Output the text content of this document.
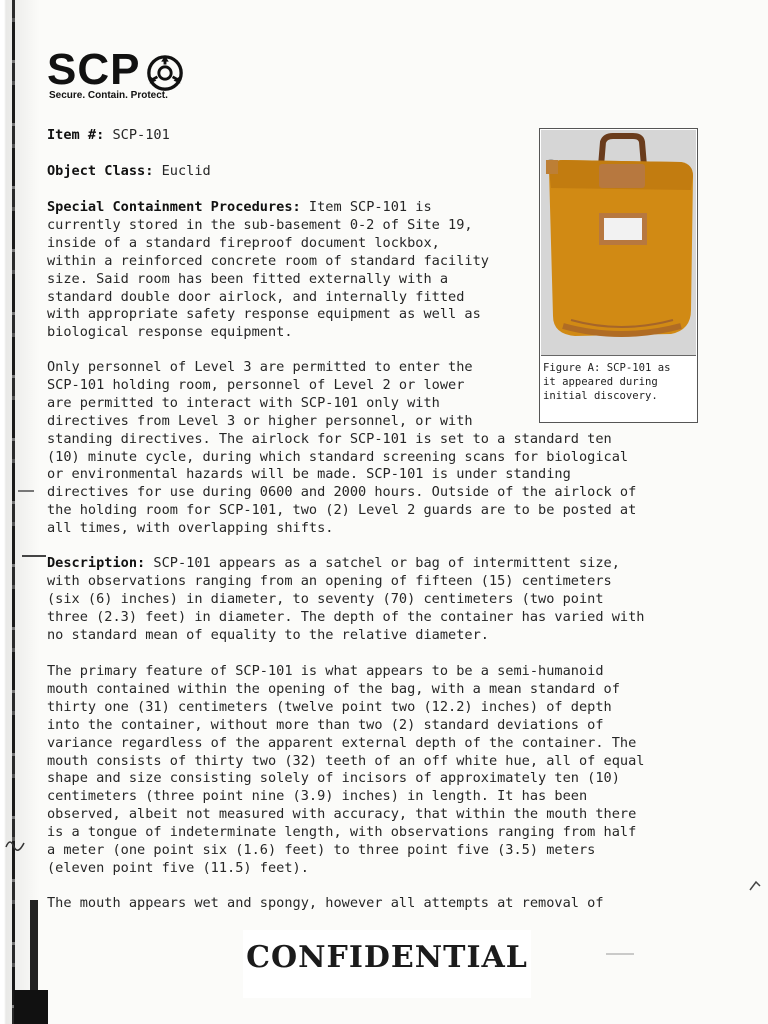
SCP
Secure. Contain. Protect.
Item #: SCP-101
Object Class: Euclid
Special Containment Procedures: Item SCP-101 is
currently stored in the sub-basement 0-2 of Site 19,
inside of a standard fireproof document lockbox,
within a reinforced concrete room of standard facility
size. Said room has been fitted externally with a
standard double door airlock, and internally fitted
with appropriate safety response equipment as well as
biological response equipment.
Only personnel of Level 3 are permitted to enter the
SCP-101 holding room, personnel of Level 2 or lower
are permitted to interact with SCP-101 only with
directives from Level 3 or higher personnel, or with
standing directives. The airlock for SCP-101 is set to a standard ten
(10) minute cycle, during which standard screening scans for biological
or environmental hazards will be made. SCP-101 is under standing
directives for use during 0600 and 2000 hours. Outside of the airlock of
the holding room for SCP-101, two (2) Level 2 guards are to be posted at
all times, with overlapping shifts.
Description: SCP-101 appears as a satchel or bag of intermittent size,
with observations ranging from an opening of fifteen (15) centimeters
(six (6) inches) in diameter, to seventy (70) centimeters (two point
three (2.3) feet) in diameter. The depth of the container has varied with
no standard mean of equality to the relative diameter.
The primary feature of SCP-101 is what appears to be a semi-humanoid
mouth contained within the opening of the bag, with a mean standard of
thirty one (31) centimeters (twelve point two (12.2) inches) of depth
into the container, without more than two (2) standard deviations of
variance regardless of the apparent external depth of the container. The
mouth consists of thirty two (32) teeth of an off white hue, all of equal
shape and size consisting solely of incisors of approximately ten (10)
centimeters (three point nine (3.9) inches) in length. It has been
observed, albeit not measured with accuracy, that within the mouth there
is a tongue of indeterminate length, with observations ranging from half
a meter (one point six (1.6) feet) to three point five (3.5) meters
(eleven point five (11.5) feet).
The mouth appears wet and spongy, however all attempts at removal of
Figure A: SCP-101 as
it appeared during
initial discovery.
CONFIDENTIAL
